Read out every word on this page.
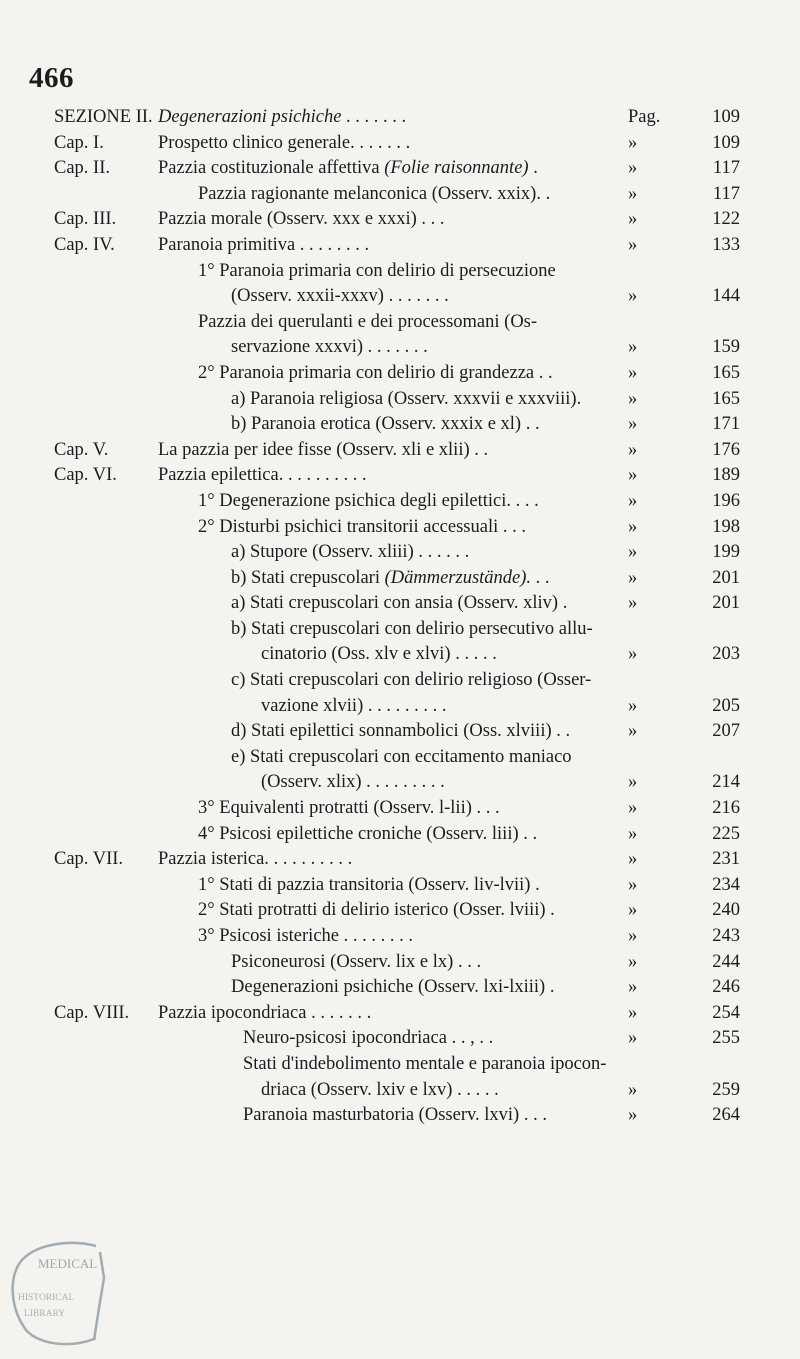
466
SEZIONE II. Degenerazioni psichiche . . . . . . .	Pag.	109
Cap. I.	Prospetto clinico generale. . . . . . .	»	109
Cap. II.	Pazzia costituzionale affettiva (Folie raisonnante) .	»	117
Pazzia ragionante melanconica (Osserv. xxix). .	»	117
Cap. III.	Pazzia morale (Osserv. xxx e xxxi) . . .	»	122
Cap. IV.	Paranoia primitiva . . . . . . . .	»	133
1° Paranoia primaria con delirio di persecuzione
(Osserv. xxxii-xxxv) . . . . . . .	»	144
Pazzia dei querulanti e dei processomani (Os-
servazione xxxvi) . . . . . . .	»	159
2° Paranoia primaria con delirio di grandezza . .	»	165
a) Paranoia religiosa (Osserv. xxxvii e xxxviii).	»	165
b) Paranoia erotica (Osserv. xxxix e xl) . .	»	171
Cap. V.	La pazzia per idee fisse (Osserv. xli e xlii) . .	»	176
Cap. VI.	Pazzia epilettica. . . . . . . . . .	»	189
1° Degenerazione psichica degli epilettici. . . .	»	196
2° Disturbi psichici transitorii accessuali . . .	»	198
a) Stupore (Osserv. xliii) . . . . . .	»	199
b) Stati crepuscolari (Dämmerzustände). . .	»	201
a) Stati crepuscolari con ansia (Osserv. xliv) .	»	201
b) Stati crepuscolari con delirio persecutivo allu-
cinatorio (Oss. xlv e xlvi) . . . . .	»	203
c) Stati crepuscolari con delirio religioso (Osser-
vazione xlvii) . . . . . . . . .	»	205
d) Stati epilettici sonnambolici (Oss. xlviii) . .	»	207
e) Stati crepuscolari con eccitamento maniaco
(Osserv. xlix) . . . . . . . . .	»	214
3° Equivalenti protratti (Osserv. l-lii) . . .	»	216
4° Psicosi epilettiche croniche (Osserv. liii) . .	»	225
Cap. VII.	Pazzia isterica. . . . . . . . . .	»	231
1° Stati di pazzia transitoria (Osserv. liv-lvii) .	»	234
2° Stati protratti di delirio isterico (Osser. lviii) .	»	240
3° Psicosi isteriche . . . . . . . .	»	243
Psiconeurosi (Osserv. lix e lx) . . .	»	244
Degenerazioni psichiche (Osserv. lxi-lxiii) .	»	246
Cap. VIII.	Pazzia ipocondriaca . . . . . . .	»	254
Neuro-psicosi ipocondriaca . . , . .	»	255
Stati d'indebolimento mentale e paranoia ipocon-
driaca (Osserv. lxiv e lxv) . . . . .	»	259
Paranoia masturbatoria (Osserv. lxvi) . . .	»	264
MEDICAL
HISTORICAL
LIBRARY
